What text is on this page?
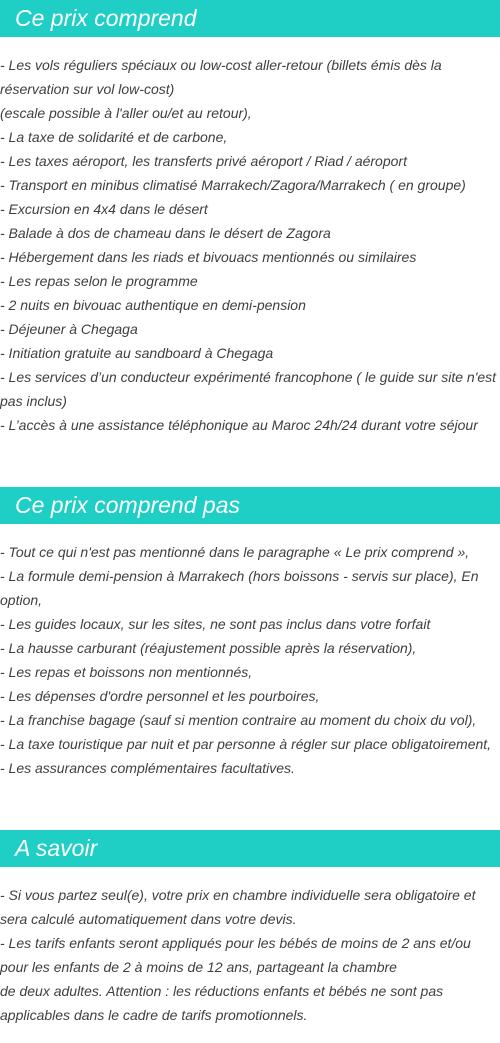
Ce prix comprend
- Les vols réguliers spéciaux ou low-cost aller-retour (billets émis dès la réservation sur vol low-cost)
(escale possible à l'aller ou/et au retour),
- La taxe de solidarité et de carbone,
- Les taxes aéroport, les transferts privé aéroport / Riad / aéroport
- Transport en minibus climatisé Marrakech/Zagora/Marrakech ( en groupe)
- Excursion en 4x4 dans le désert
- Balade à dos de chameau dans le désert de Zagora
- Hébergement dans les riads et bivouacs mentionnés ou similaires
- Les repas selon le programme
- 2 nuits en bivouac authentique en demi-pension
- Déjeuner à Chegaga
- Initiation gratuite au sandboard à Chegaga
- Les services d’un conducteur expérimenté francophone ( le guide sur site n'est pas inclus)
- L’accès à une assistance téléphonique au Maroc 24h/24 durant votre séjour
Ce prix comprend pas
- Tout ce qui n'est pas mentionné dans le paragraphe « Le prix comprend »,
- La formule demi-pension à Marrakech (hors boissons - servis sur place), En option,
- Les guides locaux, sur les sites, ne sont pas inclus dans votre forfait
- La hausse carburant (réajustement possible après la réservation),
- Les repas et boissons non mentionnés,
- Les dépenses d'ordre personnel et les pourboires,
- La franchise bagage (sauf si mention contraire au moment du choix du vol),
- La taxe touristique par nuit et par personne à régler sur place obligatoirement,
- Les assurances complémentaires facultatives.
A savoir
- Si vous partez seul(e), votre prix en chambre individuelle sera obligatoire et sera calculé automatiquement dans votre devis.
- Les tarifs enfants seront appliqués pour les bébés de moins de 2 ans et/ou pour les enfants de 2 à moins de 12 ans, partageant la chambre
de deux adultes. Attention : les réductions enfants et bébés ne sont pas applicables dans le cadre de tarifs promotionnels.
